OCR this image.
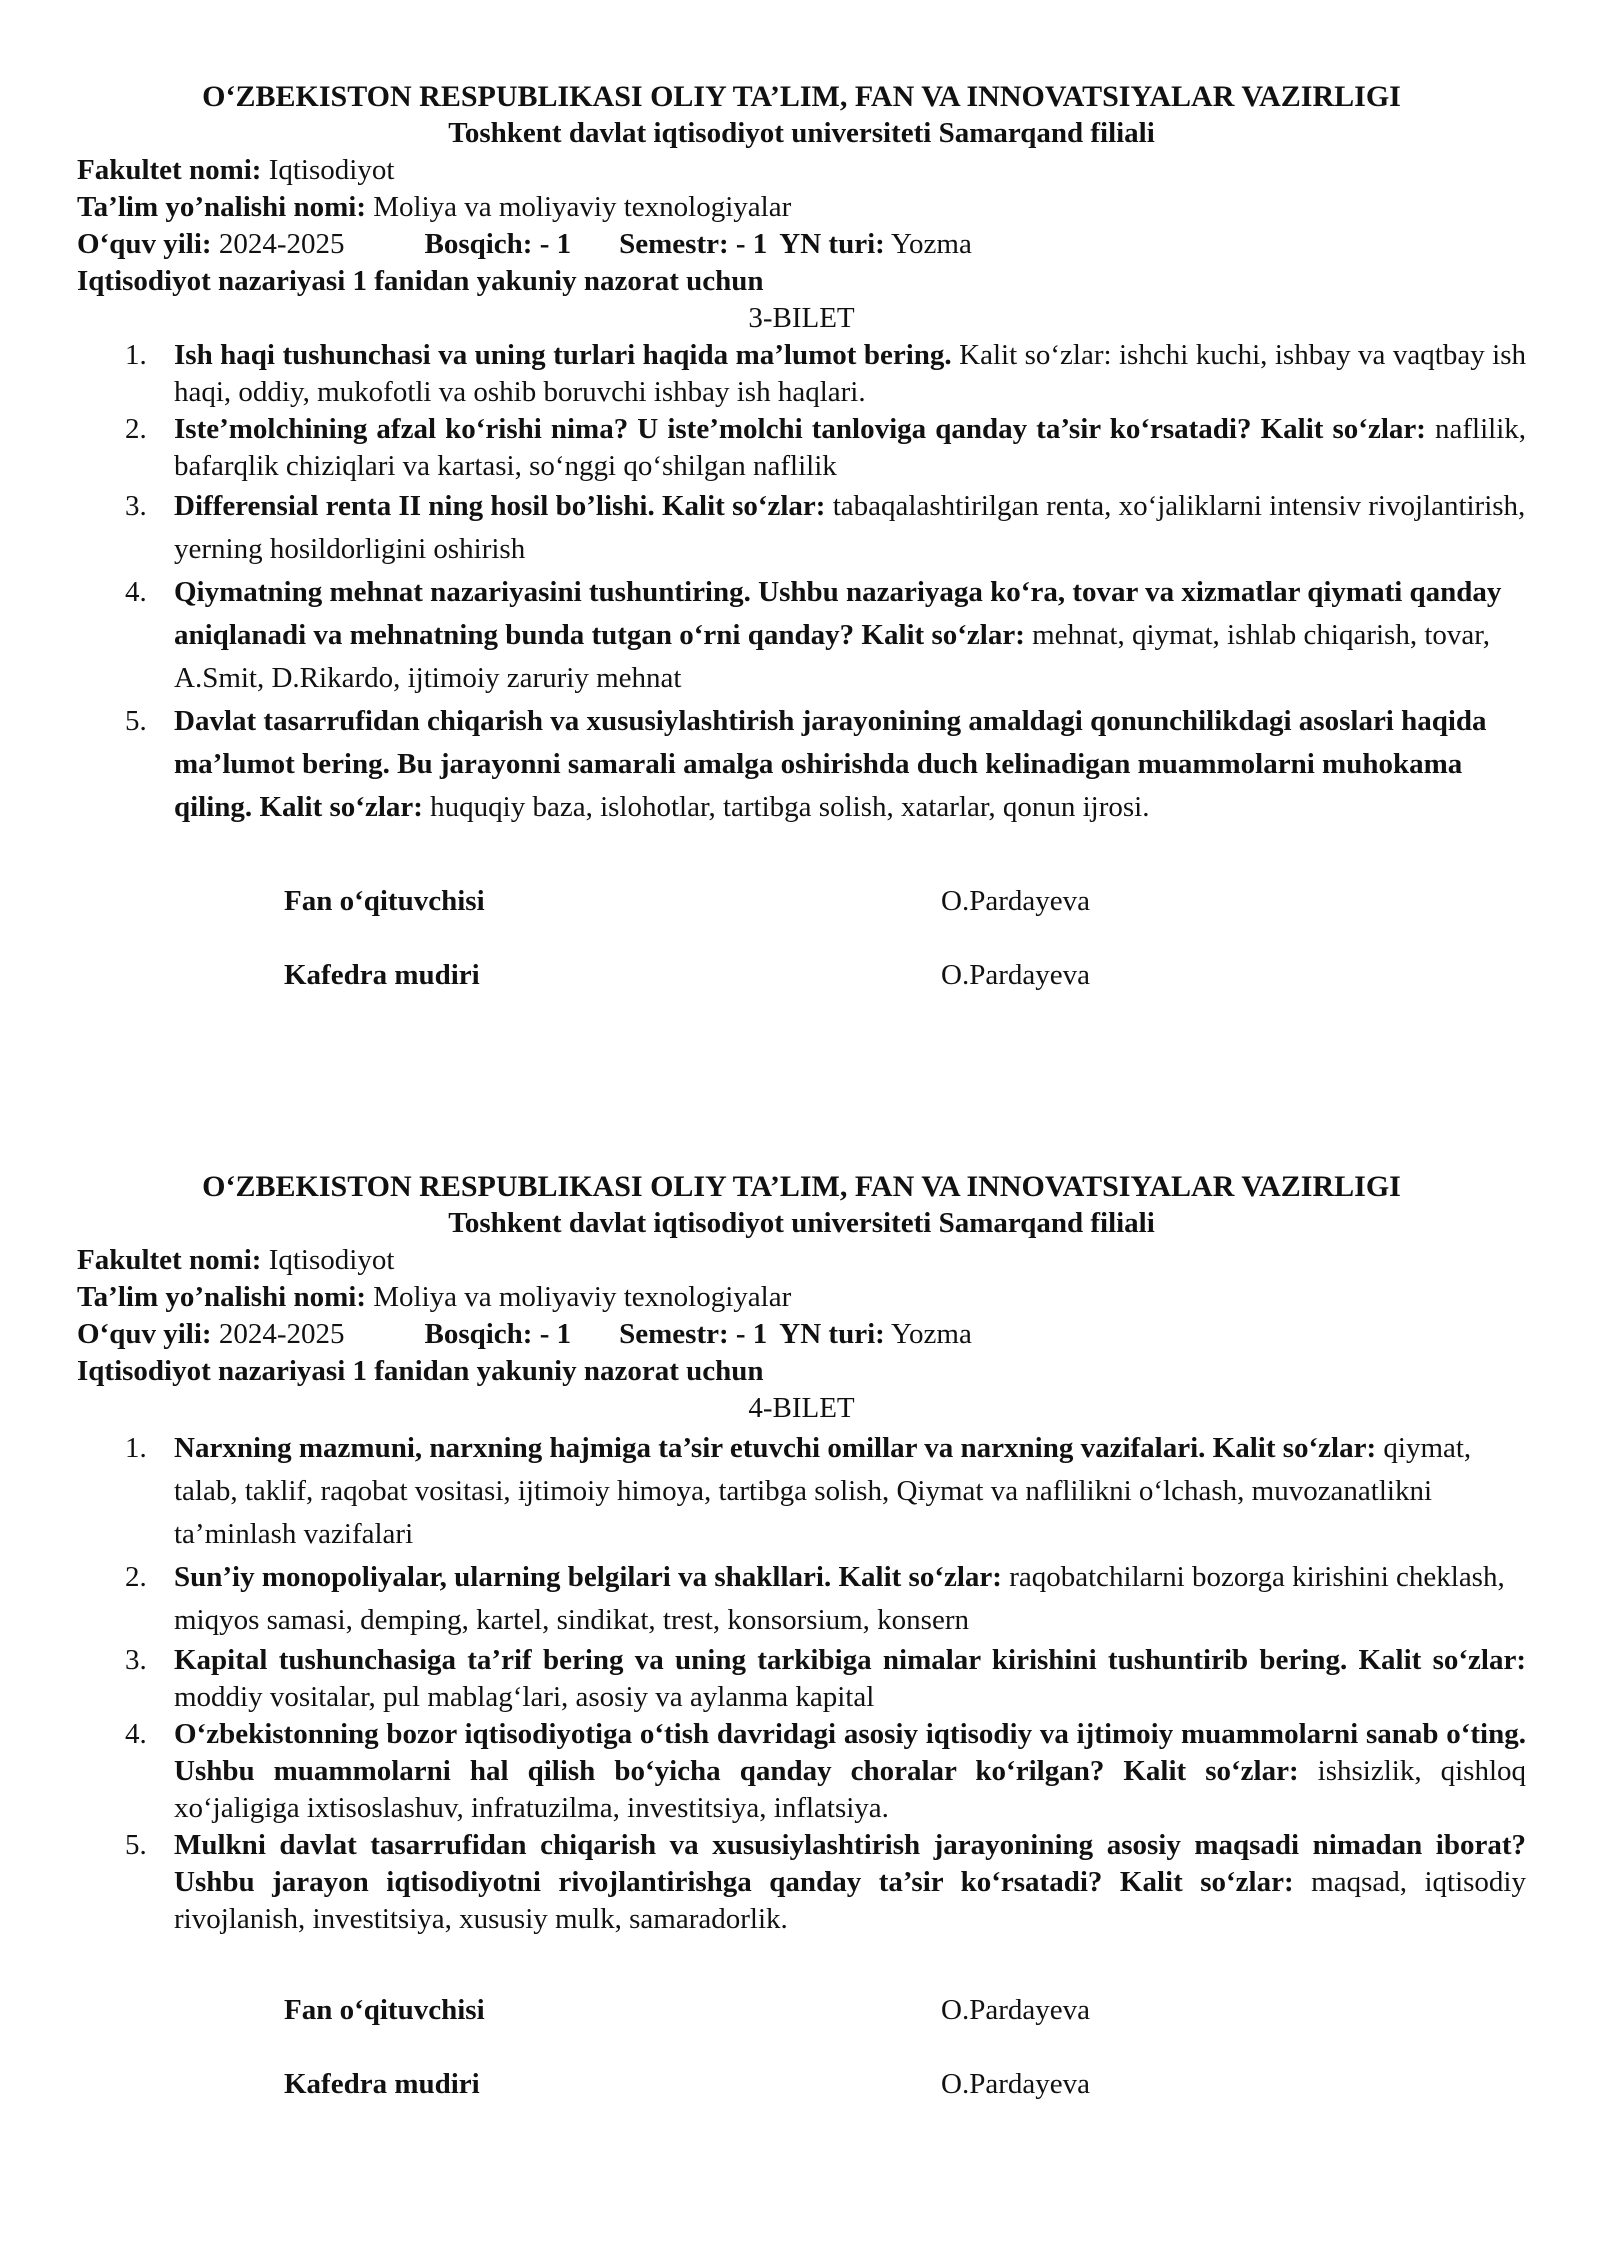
O‘ZBEKISTON RESPUBLIKASI OLIY TA’LIM, FAN VA INNOVATSIYALAR VAZIRLIGI
Toshkent davlat iqtisodiyot universiteti Samarqand filiali
Fakultet nomi: Iqtisodiyot
Ta’lim yo’nalishi nomi: Moliya va moliyaviy texnologiyalar
O‘quv yili: 2024-2025	Bosqich: - 1 Semestr: - 1 YN turi: Yozma
Iqtisodiyot nazariyasi 1 fanidan yakuniy nazorat uchun
3-BILET
1. Ish haqi tushunchasi va uning turlari haqida ma’lumot bering. Kalit so‘zlar: ishchi kuchi, ishbay va vaqtbay ish haqi, oddiy, mukofotli va oshib boruvchi ishbay ish haqlari.
2. Iste’molchining afzal ko‘rishi nima? U iste’molchi tanloviga qanday ta’sir ko‘rsatadi? Kalit so‘zlar: naflilik, bafarqlik chiziqlari va kartasi, so‘nggi qo‘shilgan naflilik
3. Differensial renta II ning hosil bo’lishi. Kalit so‘zlar: tabaqalashtirilgan renta, xo‘jaliklarni intensiv rivojlantirish, yerning hosildorligini oshirish
4. Qiymatning mehnat nazariyasini tushuntiring. Ushbu nazariyaga ko‘ra, tovar va xizmatlar qiymati qanday aniqlanadi va mehnatning bunda tutgan o‘rni qanday? Kalit so‘zlar: mehnat, qiymat, ishlab chiqarish, tovar, A.Smit, D.Rikardo, ijtimoiy zaruriy mehnat
5. Davlat tasarrufidan chiqarish va xususiylashtirish jarayonining amaldagi qonunchilikdagi asoslari haqida ma’lumot bering. Bu jarayonni samarali amalga oshirishda duch kelinadigan muammolarni muhokama qiling. Kalit so‘zlar: huquqiy baza, islohotlar, tartibga solish, xatarlar, qonun ijrosi.
Fan o‘qituvchisi	O.Pardayeva
Kafedra mudiri	O.Pardayeva
O‘ZBEKISTON RESPUBLIKASI OLIY TA’LIM, FAN VA INNOVATSIYALAR VAZIRLIGI
Toshkent davlat iqtisodiyot universiteti Samarqand filiali
Fakultet nomi: Iqtisodiyot
Ta’lim yo’nalishi nomi: Moliya va moliyaviy texnologiyalar
O‘quv yili: 2024-2025	Bosqich: - 1 Semestr: - 1 YN turi: Yozma
Iqtisodiyot nazariyasi 1 fanidan yakuniy nazorat uchun
4-BILET
1. Narxning mazmuni, narxning hajmiga ta’sir etuvchi omillar va narxning vazifalari. Kalit so‘zlar: qiymat, talab, taklif, raqobat vositasi, ijtimoiy himoya, tartibga solish, Qiymat va naflilikni o‘lchash, muvozanatlikni ta’minlash vazifalari
2. Sun’iy monopoliyalar, ularning belgilari va shakllari. Kalit so‘zlar: raqobatchilarni bozorga kirishini cheklash, miqyos samasi, demping, kartel, sindikat, trest, konsorsium, konsern
3. Kapital tushunchasiga ta’rif bering va uning tarkibiga nimalar kirishini tushuntirib bering. Kalit so‘zlar: moddiy vositalar, pul mablag‘lari, asosiy va aylanma kapital
4. O‘zbekistonning bozor iqtisodiyotiga o‘tish davridagi asosiy iqtisodiy va ijtimoiy muammolarni sanab o‘ting. Ushbu muammolarni hal qilish bo‘yicha qanday choralar ko‘rilgan? Kalit so‘zlar: ishsizlik, qishloq xo‘jaligiga ixtisoslashuv, infratuzilma, investitsiya, inflatsiya.
5. Mulkni davlat tasarrufidan chiqarish va xususiylashtirish jarayonining asosiy maqsadi nimadan iborat? Ushbu jarayon iqtisodiyotni rivojlantirishga qanday ta’sir ko‘rsatadi? Kalit so‘zlar: maqsad, iqtisodiy rivojlanish, investitsiya, xususiy mulk, samaradorlik.
Fan o‘qituvchisi	O.Pardayeva
Kafedra mudiri	O.Pardayeva
